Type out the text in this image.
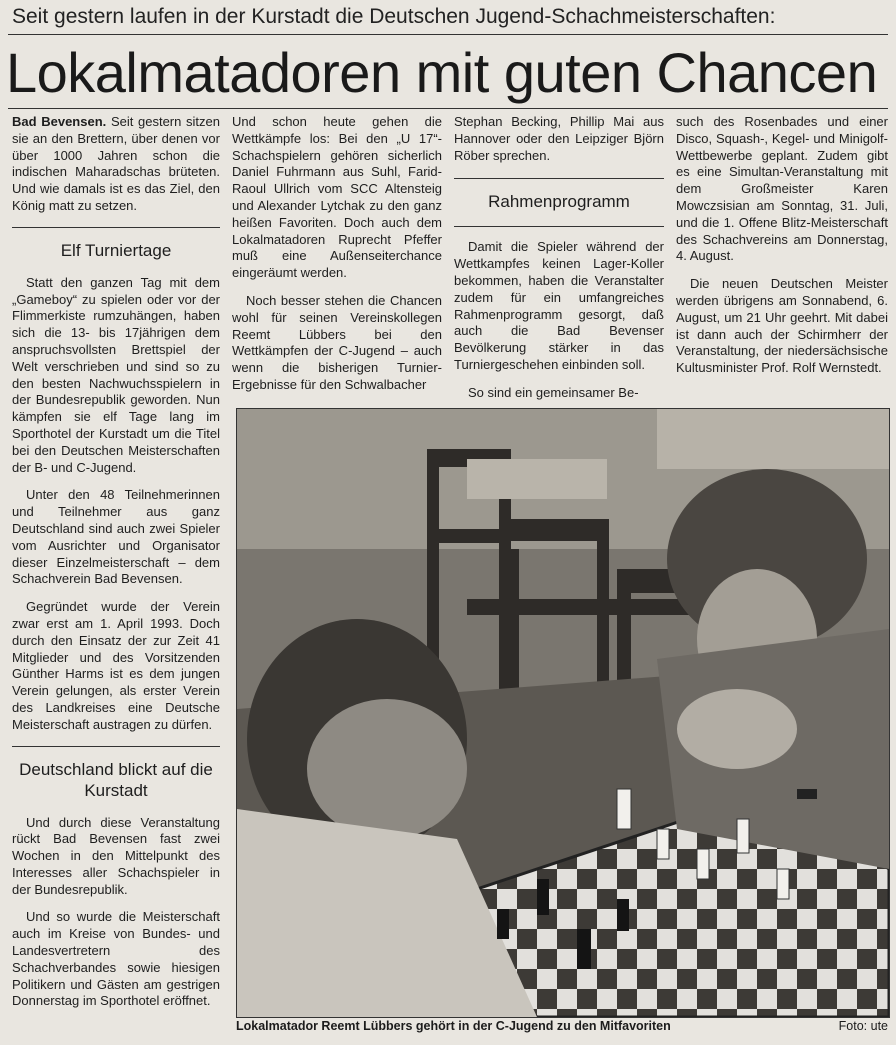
Seit gestern laufen in der Kurstadt die Deutschen Jugend-Schachmeisterschaften:
Lokalmatadoren mit guten Chancen

Bad Bevensen. Seit gestern sitzen sie an den Brettern, über denen vor über 1000 Jahren schon die indischen Maharadschas brüteten. Und wie damals ist es das Ziel, den König matt zu setzen.

Elf Turniertage

Statt den ganzen Tag mit dem „Gameboy“ zu spielen oder vor der Flimmerkiste rumzuhängen, haben sich die 13- bis 17jährigen dem anspruchsvollsten Brettspiel der Welt verschrieben und sind so zu den besten Nachwuchsspielern in der Bundesrepublik geworden. Nun kämpfen sie elf Tage lang im Sporthotel der Kurstadt um die Titel bei den Deutschen Meisterschaften der B- und C-Jugend.

Unter den 48 Teilnehmerinnen und Teilnehmer aus ganz Deutschland sind auch zwei Spieler vom Ausrichter und Organisator dieser Einzelmeisterschaft – dem Schachverein Bad Bevensen.

Gegründet wurde der Verein zwar erst am 1. April 1993. Doch durch den Einsatz der zur Zeit 41 Mitglieder und des Vorsitzenden Günther Harms ist es dem jungen Verein gelungen, als erster Verein des Landkreises eine Deutsche Meisterschaft austragen zu dürfen.

Deutschland blickt auf die Kurstadt

Und durch diese Veranstaltung rückt Bad Bevensen fast zwei Wochen in den Mittelpunkt des Interesses aller Schachspieler in der Bundesrepublik.

Und so wurde die Meisterschaft auch im Kreise von Bundes- und Landesvertretern des Schachverbandes sowie hiesigen Politikern und Gästen am gestrigen Donnerstag im Sporthotel eröffnet.

Und schon heute gehen die Wettkämpfe los: Bei den „U 17“-Schachspielern gehören sicherlich Daniel Fuhrmann aus Suhl, Farid-Raoul Ullrich vom SCC Altensteig und Alexander Lytchak zu den ganz heißen Favoriten. Doch auch dem Lokalmatadoren Ruprecht Pfeffer muß eine Außenseiterchance eingeräumt werden.

Noch besser stehen die Chancen wohl für seinen Vereinskollegen Reemt Lübbers bei den Wettkämpfen der C-Jugend – auch wenn die bisherigen Turnier-Ergebnisse für den Schwalbacher

Stephan Becking, Phillip Mai aus Hannover oder den Leipziger Björn Röber sprechen.

Rahmenprogramm

Damit die Spieler während der Wettkampfes keinen Lager-Koller bekommen, haben die Veranstalter zudem für ein umfangreiches Rahmenprogramm gesorgt, daß auch die Bad Bevenser Bevölkerung stärker in das Turniergeschehen einbinden soll.

So sind ein gemeinsamer Be-

such des Rosenbades und einer Disco, Squash-, Kegel- und Minigolf-Wettbewerbe geplant. Zudem gibt es eine Simultan-Veranstaltung mit dem Großmeister Karen Mowczsisian am Sonntag, 31. Juli, und die 1. Offene Blitz-Meisterschaft des Schachvereins am Donnerstag, 4. August.

Die neuen Deutschen Meister werden übrigens am Sonnabend, 6. August, um 21 Uhr geehrt. Mit dabei ist dann auch der Schirmherr der Veranstaltung, der niedersächsische Kultusminister Prof. Rolf Wernstedt.

Lokalmatador Reemt Lübbers gehört in der C-Jugend zu den Mitfavoriten	Foto: ute
